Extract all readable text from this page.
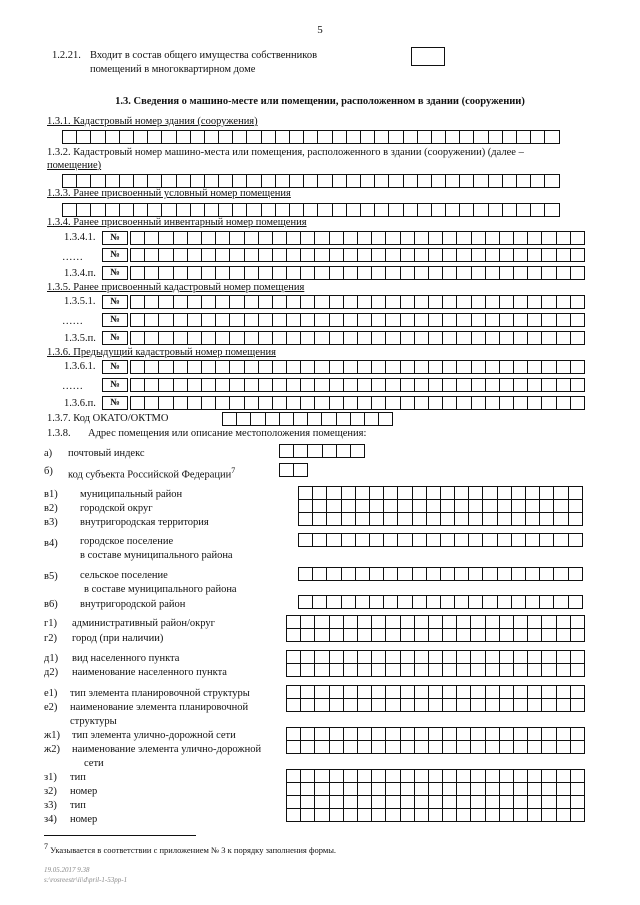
5
1.2.21. Входит в состав общего имущества собственников
помещений в многоквартирном доме
1.3. Сведения о машино-месте или помещении, расположенном в здании (сооружении)
1.3.1. Кадастровый номер здания (сооружения)
1.3.2. Кадастровый номер машино-места или помещения, расположенного в здании (сооружении) (далее –
помещение)
1.3.3. Ранее присвоенный условный номер помещения
1.3.4. Ранее присвоенный инвентарный номер помещения
1.3.4.1.	№
……	№
1.3.4.п.	№
1.3.5. Ранее присвоенный кадастровый номер помещения
1.3.5.1.	№
……	№
1.3.5.п.	№
1.3.6. Предыдущий кадастровый номер помещения
1.3.6.1.	№
……	№
1.3.6.п.	№
1.3.7. Код ОКАТО/ОКТМО
1.3.8. Адрес помещения или описание местоположения помещения:
а) почтовый индекс
б) код субъекта Российской Федерации$^7$
в1) муниципальный район
в2) городской округ
в3) внутригородская территория
в4) городское поселение
в составе муниципального района
в5) сельское поселение
в составе муниципального района
в6) внутригородской район
г1) административный район/округ
г2) город (при наличии)
д1) вид населенного пункта
д2) наименование населенного пункта
е1) тип элемента планировочной структуры
е2) наименование элемента планировочной
структуры
ж1) тип элемента улично-дорожной сети
ж2) наименование элемента улично-дорожной
сети
з1) тип
з2) номер
з3) тип
з4) номер
$^7$ Указывается в соответствии с приложением № 3 к порядку заполнения формы.
19.05.2017 9.38
s:\rosreestr\ii\d\pril-1-53pp-1
